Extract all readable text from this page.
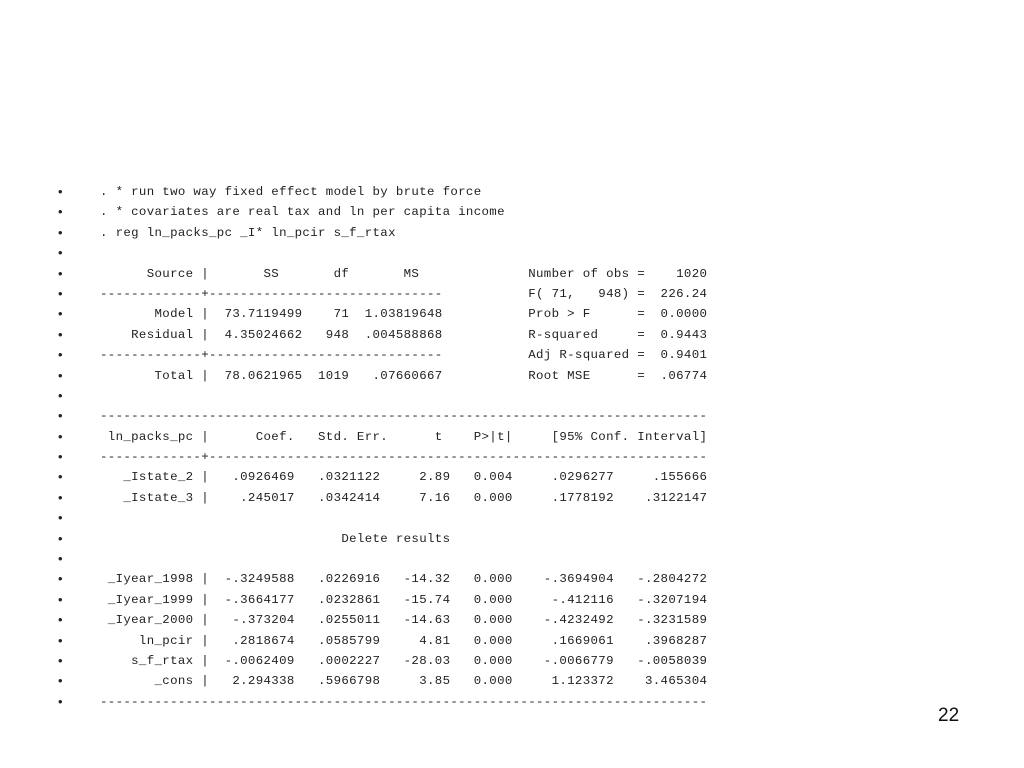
•	. * run two way fixed effect model by brute force
•	. * covariates are real tax and ln per capita income
•	. reg ln_packs_pc _I* ln_pcir s_f_rtax
•
•	Source |       SS       df       MS              Number of obs =    1020
•	-------------+------------------------------           F( 71,   948) =  226.24
•	Model |  73.7119499    71  1.03819648           Prob > F      =  0.0000
•	Residual |  4.35024662   948  .004588868           R-squared     =  0.9443
•	-------------+------------------------------           Adj R-squared =  0.9401
•	Total |  78.0621965  1019   .07660667           Root MSE      =  .06774
•
•	------------------------------------------------------------------------------
•	ln_packs_pc |      Coef.   Std. Err.      t    P>|t|     [95% Conf. Interval]
•	-------------+----------------------------------------------------------------
•	_Istate_2 |   .0926469   .0321122     2.89   0.004     .0296277     .155666
•	_Istate_3 |    .245017   .0342414     7.16   0.000     .1778192    .3122147
•
•	Delete results
•
•	_Iyear_1998 |  -.3249588   .0226916   -14.32   0.000    -.3694904   -.2804272
•	_Iyear_1999 |  -.3664177   .0232861   -15.74   0.000     -.412116   -.3207194
•	_Iyear_2000 |   -.373204   .0255011   -14.63   0.000    -.4232492   -.3231589
•	ln_pcir |   .2818674   .0585799     4.81   0.000     .1669061    .3968287
•	s_f_rtax |  -.0062409   .0002227   -28.03   0.000    -.0066779   -.0058039
•	_cons |   2.294338   .5966798     3.85   0.000     1.123372    3.465304
•	------------------------------------------------------------------------------
22
